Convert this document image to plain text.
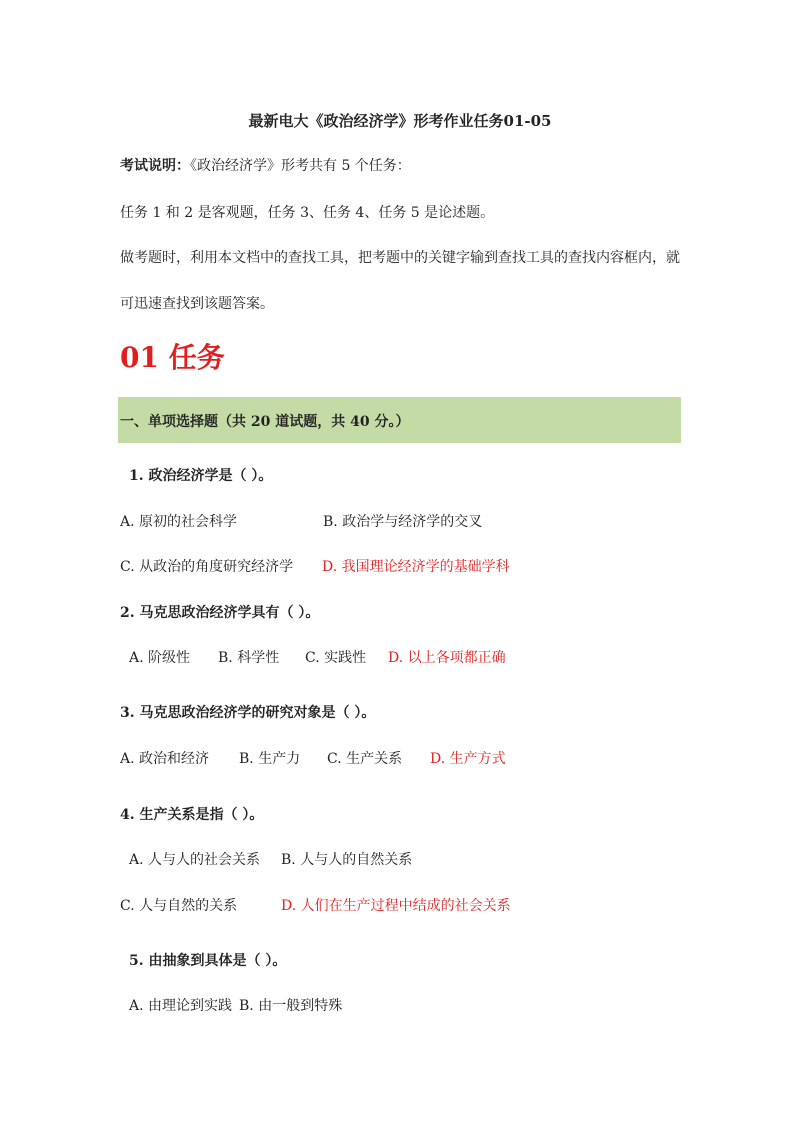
最新电大《政治经济学》形考作业任务01-05
考试说明：《政治经济学》形考共有 5 个任务：
任务 1 和 2 是客观题，任务 3、任务 4、任务 5 是论述题。
做考题时，利用本文档中的查找工具，把考题中的关键字输到查找工具的查找内容框内，就
可迅速查找到该题答案。
01 任务
一、单项选择题（共 20 道试题，共 40 分。）
1. 政治经济学是（ ）。
A. 原初的社会科学	B. 政治学与经济学的交叉
C. 从政治的角度研究经济学 D. 我国理论经济学的基础学科
2. 马克思政治经济学具有（ ）。
A. 阶级性 B. 科学性 C. 实践性 D. 以上各项都正确
3. 马克思政治经济学的研究对象是（ ）。
A. 政治和经济 B. 生产力 C. 生产关系 D. 生产方式
4. 生产关系是指（ ）。
A. 人与人的社会关系 B. 人与人的自然关系
C. 人与自然的关系	D. 人们在生产过程中结成的社会关系
5. 由抽象到具体是（ ）。
A. 由理论到实践 B. 由一般到特殊
